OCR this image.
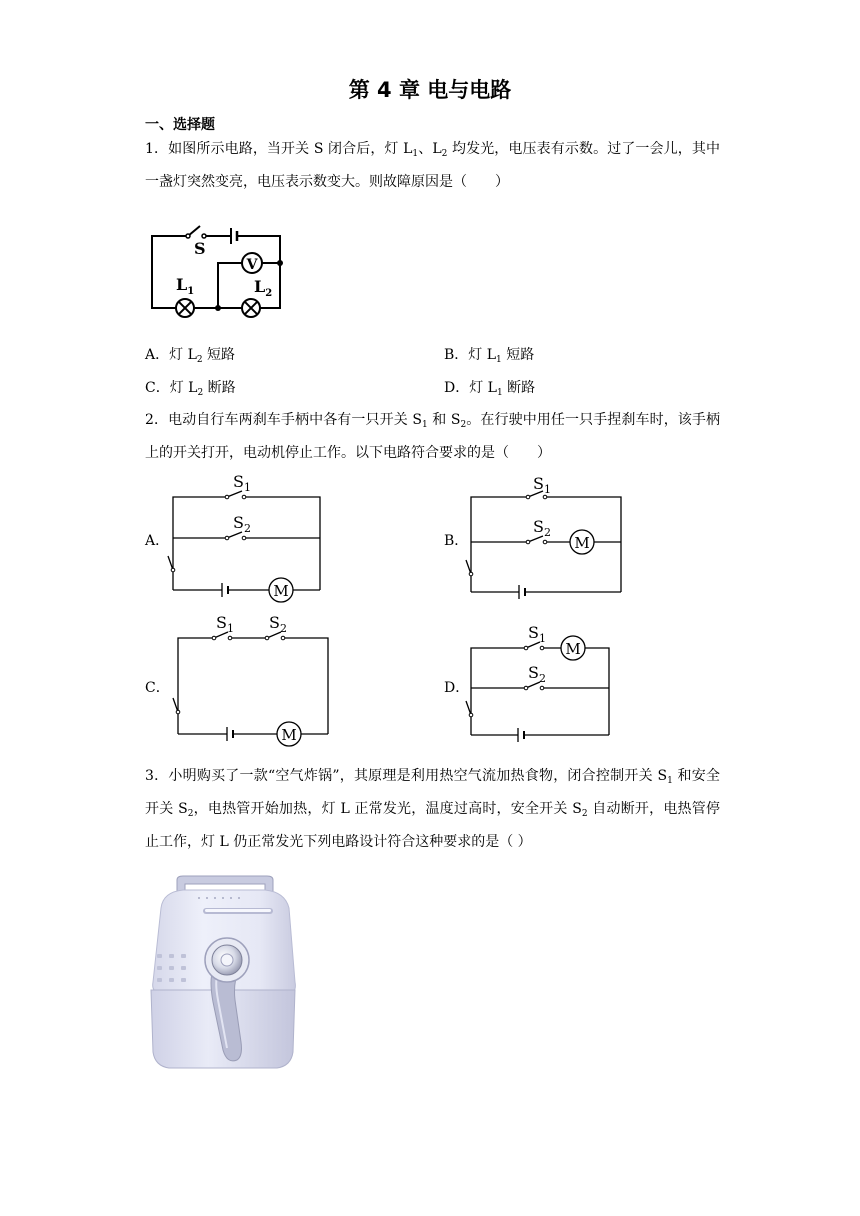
第 4 章 电与电路
一、选择题
1．如图所示电路，当开关 S 闭合后，灯 $L_1$、$L_2$ 均发光，电压表有示数。过了一会儿，其中一盏灯突然变亮，电压表示数变大。则故障原因是（　　）
S
V
$L_1$	$L_2$
A．灯 $L_2$ 短路	B．灯 $L_1$ 短路
C．灯 $L_2$ 断路	D．灯 $L_1$ 断路
2．电动自行车两刹车手柄中各有一只开关 $S_1$ 和 $S_2$。在行驶中用任一只手捏刹车时，该手柄上的开关打开，电动机停止工作。以下电路符合要求的是（　　）
A．	B．
C．	D．
$S_1$
$S_2$
M
$S_1$
$S_2$
M
$S_1$ $S_2$
M
$S_1$
$S_2$
M
3．小明购买了一款“空气炸锅”，其原理是利用热空气流加热食物，闭合控制开关 $S_1$ 和安全开关 $S_2$，电热管开始加热，灯 L 正常发光，温度过高时，安全开关 $S_2$ 自动断开，电热管停止工作，灯 L 仍正常发光下列电路设计符合这种要求的是（ ）
